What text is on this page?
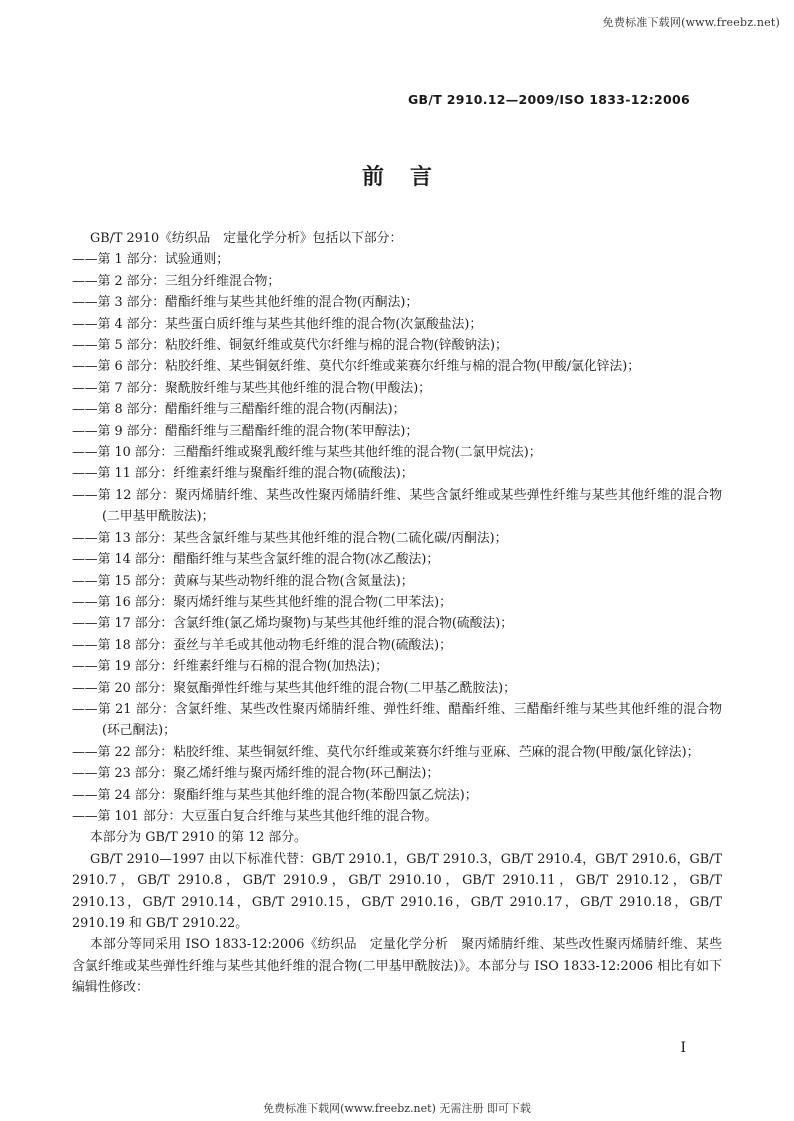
免费标准下载网(www.freebz.net)
GB/T 2910.12—2009/ISO 1833-12:2006
前言

GB/T 2910《纺织品　定量化学分析》包括以下部分：

——第 1 部分：试验通则；

——第 2 部分：三组分纤维混合物；

——第 3 部分：醋酯纤维与某些其他纤维的混合物(丙酮法)；

——第 4 部分：某些蛋白质纤维与某些其他纤维的混合物(次氯酸盐法)；

——第 5 部分：粘胶纤维、铜氨纤维或莫代尔纤维与棉的混合物(锌酸钠法)；

——第 6 部分：粘胶纤维、某些铜氨纤维、莫代尔纤维或莱赛尔纤维与棉的混合物(甲酸/氯化锌法)；

——第 7 部分：聚酰胺纤维与某些其他纤维的混合物(甲酸法)；

——第 8 部分：醋酯纤维与三醋酯纤维的混合物(丙酮法)；

——第 9 部分：醋酯纤维与三醋酯纤维的混合物(苯甲醇法)；

——第 10 部分：三醋酯纤维或聚乳酸纤维与某些其他纤维的混合物(二氯甲烷法)；

——第 11 部分：纤维素纤维与聚酯纤维的混合物(硫酸法)；

——第 12 部分：聚丙烯腈纤维、某些改性聚丙烯腈纤维、某些含氯纤维或某些弹性纤维与某些其他纤维的混合物(二甲基甲酰胺法)；

——第 13 部分：某些含氯纤维与某些其他纤维的混合物(二硫化碳/丙酮法)；

——第 14 部分：醋酯纤维与某些含氯纤维的混合物(冰乙酸法)；

——第 15 部分：黄麻与某些动物纤维的混合物(含氮量法)；

——第 16 部分：聚丙烯纤维与某些其他纤维的混合物(二甲苯法)；

——第 17 部分：含氯纤维(氯乙烯均聚物)与某些其他纤维的混合物(硫酸法)；

——第 18 部分：蚕丝与羊毛或其他动物毛纤维的混合物(硫酸法)；

——第 19 部分：纤维素纤维与石棉的混合物(加热法)；

——第 20 部分：聚氨酯弹性纤维与某些其他纤维的混合物(二甲基乙酰胺法)；

——第 21 部分：含氯纤维、某些改性聚丙烯腈纤维、弹性纤维、醋酯纤维、三醋酯纤维与某些其他纤维的混合物(环己酮法)；

——第 22 部分：粘胶纤维、某些铜氨纤维、莫代尔纤维或莱赛尔纤维与亚麻、苎麻的混合物(甲酸/氯化锌法)；

——第 23 部分：聚乙烯纤维与聚丙烯纤维的混合物(环己酮法)；

——第 24 部分：聚酯纤维与某些其他纤维的混合物(苯酚四氯乙烷法)；

——第 101 部分：大豆蛋白复合纤维与某些其他纤维的混合物。

本部分为 GB/T 2910 的第 12 部分。

GB/T 2910—1997 由以下标准代替：GB/T 2910.1，GB/T 2910.3，GB/T 2910.4，GB/T 2910.6，GB/T 2910.7，GB/T 2910.8，GB/T 2910.9，GB/T 2910.10，GB/T 2910.11，GB/T 2910.12，GB/T 2910.13，GB/T 2910.14，GB/T 2910.15，GB/T 2910.16，GB/T 2910.17，GB/T 2910.18，GB/T 2910.19 和 GB/T 2910.22。

本部分等同采用 ISO 1833-12:2006《纺织品　定量化学分析　聚丙烯腈纤维、某些改性聚丙烯腈纤维、某些含氯纤维或某些弹性纤维与某些其他纤维的混合物(二甲基甲酰胺法)》。本部分与 ISO 1833-12:2006 相比有如下编辑性修改：

I
免费标准下载网(www.freebz.net) 无需注册 即可下载
